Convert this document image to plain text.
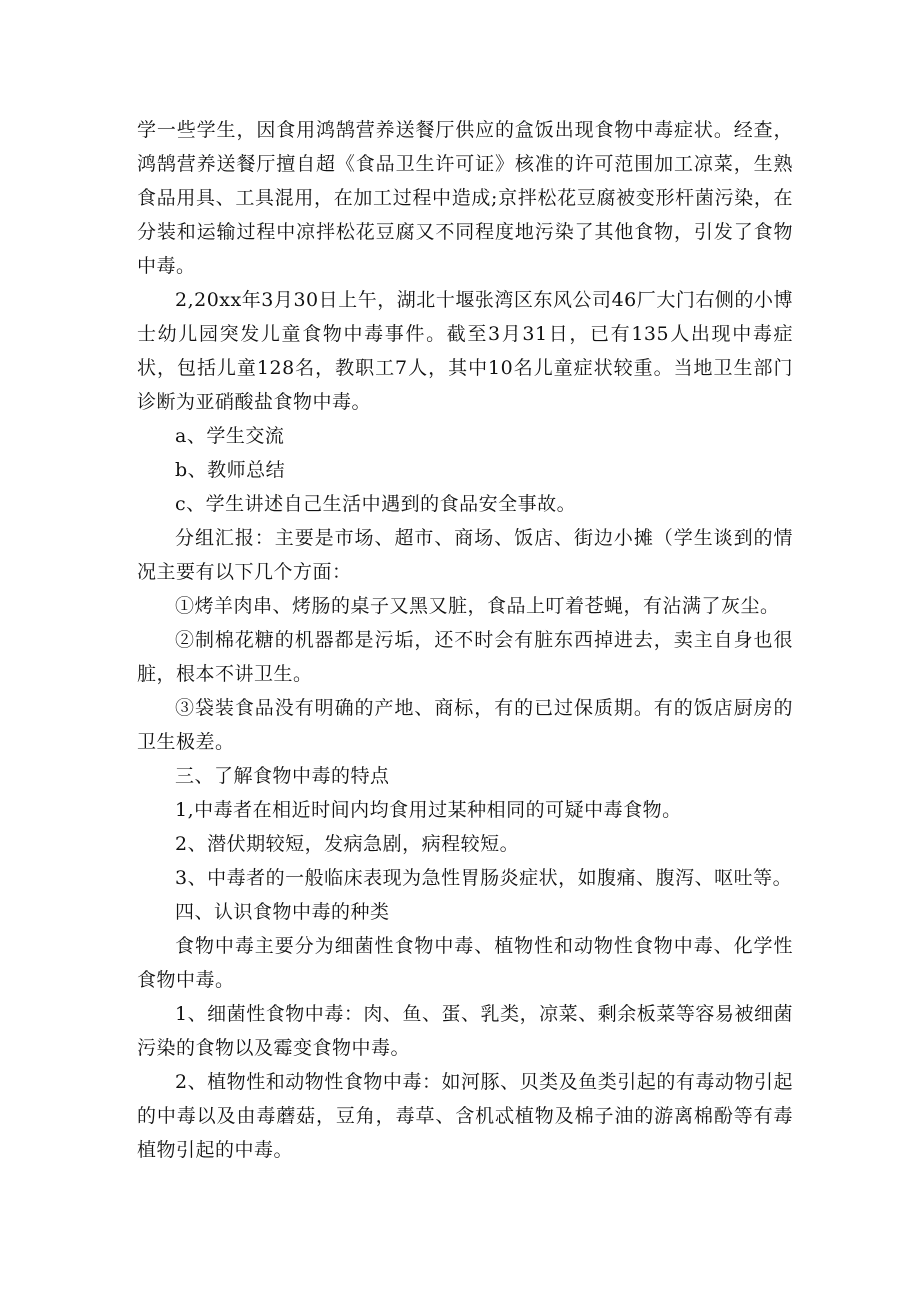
学一些学生，因食用鸿鹄营养送餐厅供应的盒饭出现食物中毒症状。经查，鸿鹄营养送餐厅擅自超《食品卫生许可证》核准的许可范围加工凉菜，生熟食品用具、工具混用，在加工过程中造成;京拌松花豆腐被变形杆菌污染，在分装和运输过程中凉拌松花豆腐又不同程度地污染了其他食物，引发了食物中毒。

2,20xx年3月30日上午，湖北十堰张湾区东风公司46厂大门右侧的小博士幼儿园突发儿童食物中毒事件。截至3月31日，已有135人出现中毒症状，包括儿童128名，教职工7人，其中10名儿童症状较重。当地卫生部门诊断为亚硝酸盐食物中毒。

a、学生交流

b、教师总结

c、学生讲述自己生活中遇到的食品安全事故。

分组汇报：主要是市场、超市、商场、饭店、街边小摊（学生谈到的情况主要有以下几个方面：

①烤羊肉串、烤肠的桌子又黑又脏，食品上叮着苍蝇，有沾满了灰尘。

②制棉花糖的机器都是污垢，还不时会有脏东西掉进去，卖主自身也很脏，根本不讲卫生。

③袋装食品没有明确的产地、商标，有的已过保质期。有的饭店厨房的卫生极差。

三、了解食物中毒的特点

1,中毒者在相近时间内均食用过某种相同的可疑中毒食物。

2、潜伏期较短，发病急剧，病程较短。

3、中毒者的一般临床表现为急性胃肠炎症状，如腹痛、腹泻、呕吐等。

四、认识食物中毒的种类

食物中毒主要分为细菌性食物中毒、植物性和动物性食物中毒、化学性食物中毒。

1、细菌性食物中毒：肉、鱼、蛋、乳类，凉菜、剩余板菜等容易被细菌污染的食物以及霉变食物中毒。

2、植物性和动物性食物中毒：如河豚、贝类及鱼类引起的有毒动物引起的中毒以及由毒蘑菇，豆角，毒草、含机忒植物及棉子油的游离棉酚等有毒植物引起的中毒。
